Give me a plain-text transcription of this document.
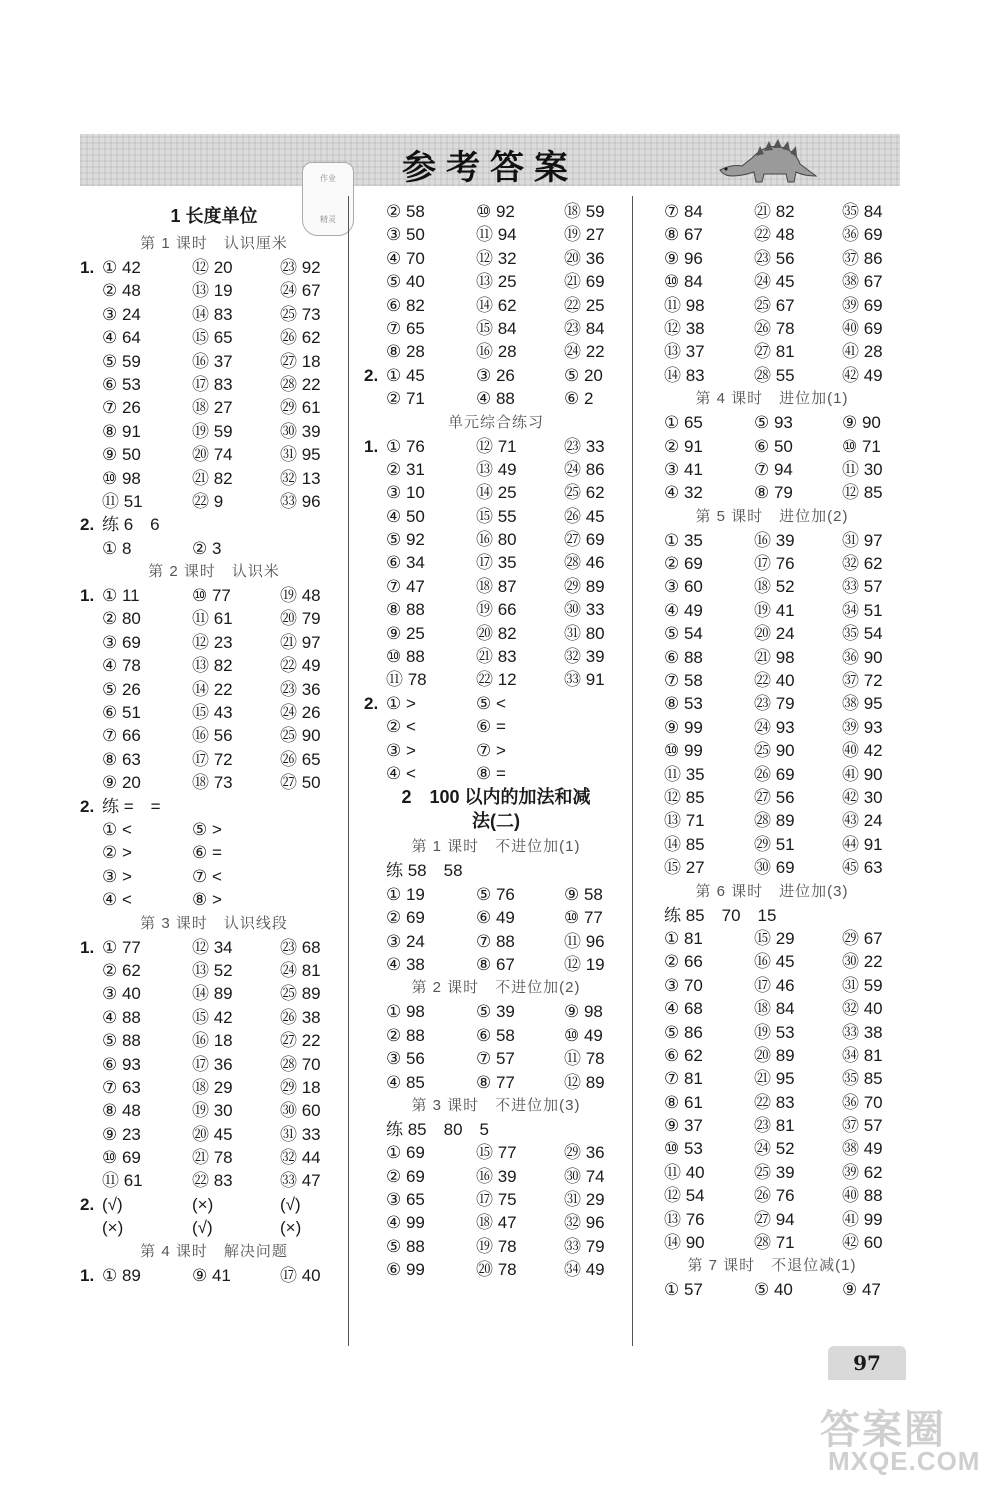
参考答案
作业
精灵
1 长度单位
第 1 课时　认识厘米
1. ① 42	⑫ 20	㉓ 92
② 48	⑬ 19	㉔ 67
③ 24	⑭ 83	㉕ 73
④ 64	⑮ 65	㉖ 62
⑤ 59	⑯ 37	㉗ 18
⑥ 53	⑰ 83	㉘ 22
⑦ 26	⑱ 27	㉙ 61
⑧ 91	⑲ 59	㉚ 39
⑨ 50	⑳ 74	㉛ 95
⑩ 98	㉑ 82	㉜ 13
⑪ 51	㉒ 9	㉝ 96
2. 练 6　6
① 8	② 3
第 2 课时　认识米
1. ① 11	⑩ 77	⑲ 48
② 80	⑪ 61	⑳ 79
③ 69	⑫ 23	㉑ 97
④ 78	⑬ 82	㉒ 49
⑤ 26	⑭ 22	㉓ 36
⑥ 51	⑮ 43	㉔ 26
⑦ 66	⑯ 56	㉕ 90
⑧ 63	⑰ 72	㉖ 65
⑨ 20	⑱ 73	㉗ 50
2. 练 =　=
① <	⑤ >
② >	⑥ =
③ >	⑦ <
④ <	⑧ >
第 3 课时　认识线段
1. ① 77	⑫ 34	㉓ 68
② 62	⑬ 52	㉔ 81
③ 40	⑭ 89	㉕ 89
④ 88	⑮ 42	㉖ 38
⑤ 88	⑯ 18	㉗ 22
⑥ 93	⑰ 36	㉘ 70
⑦ 63	⑱ 29	㉙ 18
⑧ 48	⑲ 30	㉚ 60
⑨ 23	⑳ 45	㉛ 33
⑩ 69	㉑ 78	㉜ 44
⑪ 61	㉒ 83	㉝ 47
2. (√)	(×)	(√)
(×)	(√)	(×)
第 4 课时　解决问题
1. ① 89	⑨ 41	⑰ 40
② 58	⑩ 92	⑱ 59
③ 50	⑪ 94	⑲ 27
④ 70	⑫ 32	⑳ 36
⑤ 40	⑬ 25	㉑ 69
⑥ 82	⑭ 62	㉒ 25
⑦ 65	⑮ 84	㉓ 84
⑧ 28	⑯ 28	㉔ 22
2. ① 45	③ 26	⑤ 20
② 71	④ 88	⑥ 2
单元综合练习
1. ① 76	⑫ 71	㉓ 33
② 31	⑬ 49	㉔ 86
③ 10	⑭ 25	㉕ 62
④ 50	⑮ 55	㉖ 45
⑤ 92	⑯ 80	㉗ 69
⑥ 34	⑰ 35	㉘ 46
⑦ 47	⑱ 87	㉙ 89
⑧ 88	⑲ 66	㉚ 33
⑨ 25	⑳ 82	㉛ 80
⑩ 88	㉑ 83	㉜ 39
⑪ 78	㉒ 12	㉝ 91
2. ① >	⑤ <
② <	⑥ =
③ >	⑦ >
④ <	⑧ =
2　100 以内的加法和减
法(二)
第 1 课时　不进位加(1)
练 58　58
① 19	⑤ 76	⑨ 58
② 69	⑥ 49	⑩ 77
③ 24	⑦ 88	⑪ 96
④ 38	⑧ 67	⑫ 19
第 2 课时　不进位加(2)
① 98	⑤ 39	⑨ 98
② 88	⑥ 58	⑩ 49
③ 56	⑦ 57	⑪ 78
④ 85	⑧ 77	⑫ 89
第 3 课时　不进位加(3)
练 85　80　5
① 69	⑮ 77	㉙ 36
② 69	⑯ 39	㉚ 74
③ 65	⑰ 75	㉛ 29
④ 99	⑱ 47	㉜ 96
⑤ 88	⑲ 78	㉝ 79
⑥ 99	⑳ 78	㉞ 49
⑦ 84	㉑ 82	㉟ 84
⑧ 67	㉒ 48	㊱ 69
⑨ 96	㉓ 56	㊲ 86
⑩ 84	㉔ 45	㊳ 67
⑪ 98	㉕ 67	㊴ 69
⑫ 38	㉖ 78	㊵ 69
⑬ 37	㉗ 81	㊶ 28
⑭ 83	㉘ 55	㊷ 49
第 4 课时　进位加(1)
① 65	⑤ 93	⑨ 90
② 91	⑥ 50	⑩ 71
③ 41	⑦ 94	⑪ 30
④ 32	⑧ 79	⑫ 85
第 5 课时　进位加(2)
① 35	⑯ 39	㉛ 97
② 69	⑰ 76	㉜ 62
③ 60	⑱ 52	㉝ 57
④ 49	⑲ 41	㉞ 51
⑤ 54	⑳ 24	㉟ 54
⑥ 88	㉑ 98	㊱ 90
⑦ 58	㉒ 40	㊲ 72
⑧ 53	㉓ 79	㊳ 95
⑨ 99	㉔ 93	㊴ 93
⑩ 99	㉕ 90	㊵ 42
⑪ 35	㉖ 69	㊶ 90
⑫ 85	㉗ 56	㊷ 30
⑬ 71	㉘ 89	㊸ 24
⑭ 85	㉙ 51	㊹ 91
⑮ 27	㉚ 69	㊺ 63
第 6 课时　进位加(3)
练 85　70　15
① 81	⑮ 29	㉙ 67
② 66	⑯ 45	㉚ 22
③ 70	⑰ 46	㉛ 59
④ 68	⑱ 84	㉜ 40
⑤ 86	⑲ 53	㉝ 38
⑥ 62	⑳ 89	㉞ 81
⑦ 81	㉑ 95	㉟ 85
⑧ 61	㉒ 83	㊱ 70
⑨ 37	㉓ 81	㊲ 57
⑩ 53	㉔ 52	㊳ 49
⑪ 40	㉕ 39	㊴ 62
⑫ 54	㉖ 76	㊵ 88
⑬ 76	㉗ 94	㊶ 99
⑭ 90	㉘ 71	㊷ 60
第 7 课时　不退位减(1)
① 57	⑤ 40	⑨ 47
97
答案圈
MXQE.COM
